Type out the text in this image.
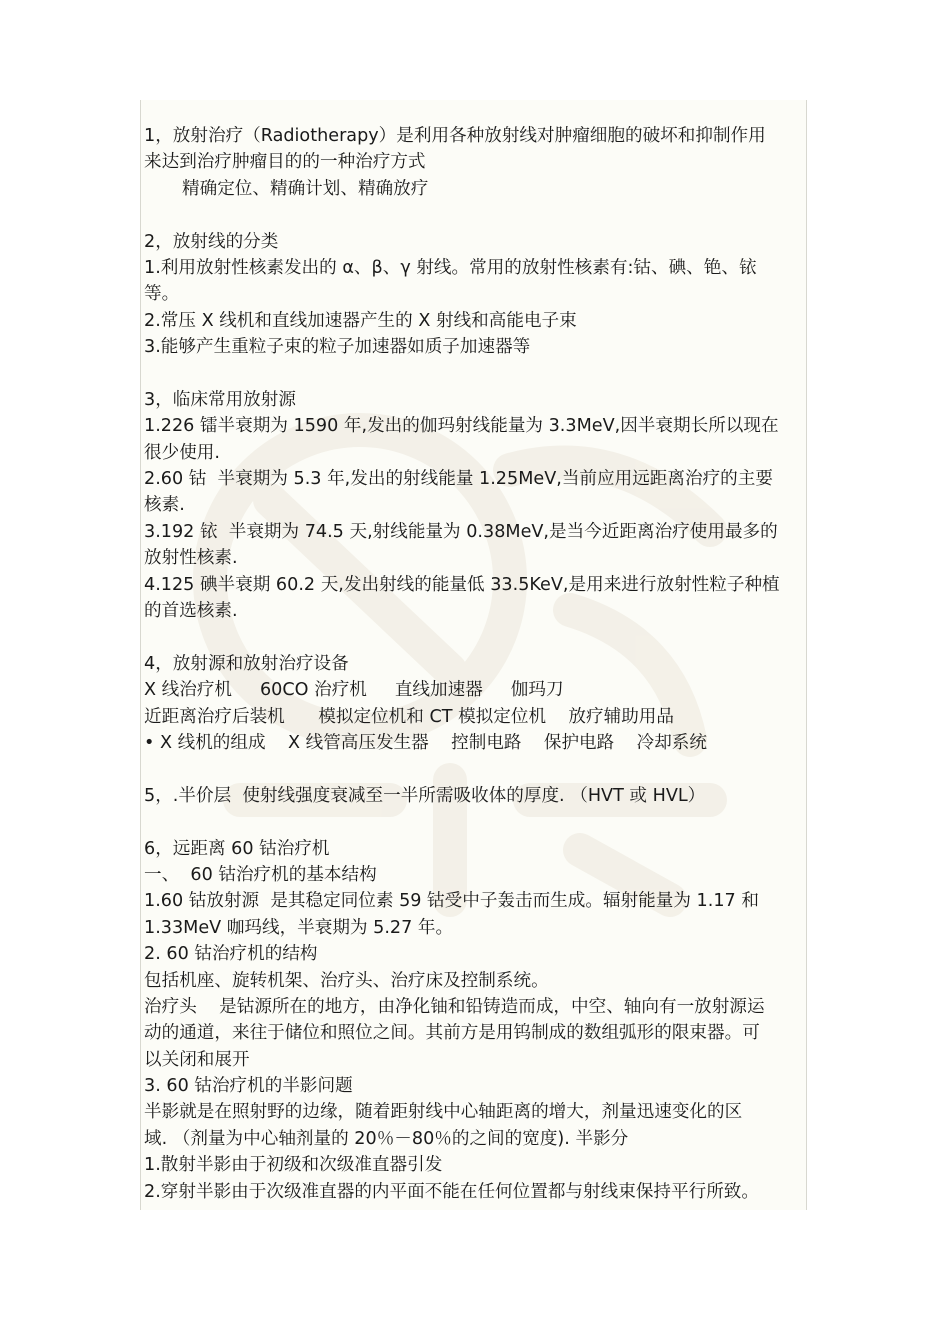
1，放射治疗（Radiotherapy）是利用各种放射线对肿瘤细胞的破坏和抑制作用
来达到治疗肿瘤目的的一种治疗方式
精确定位、精确计划、精确放疗
2，放射线的分类
1.利用放射性核素发出的 α、β、γ 射线。常用的放射性核素有:钴、碘、铯、铱
等。
2.常压 X 线机和直线加速器产生的 X 射线和高能电子束
3.能够产生重粒子束的粒子加速器如质子加速器等
3，临床常用放射源
1.226 镭半衰期为 1590 年,发出的伽玛射线能量为 3.3MeV,因半衰期长所以现在
很少使用.
2.60 钴  半衰期为 5.3 年,发出的射线能量 1.25MeV,当前应用远距离治疗的主要
核素.
3.192 铱  半衰期为 74.5 天,射线能量为 0.38MeV,是当今近距离治疗使用最多的
放射性核素.
4.125 碘半衰期 60.2 天,发出射线的能量低 33.5KeV,是用来进行放射性粒子种植
的首选核素.
4，放射源和放射治疗设备
X 线治疗机     60CO 治疗机     直线加速器     伽玛刀
近距离治疗后装机      模拟定位机和 CT 模拟定位机    放疗辅助用品
• X 线机的组成    X 线管高压发生器    控制电路    保护电路    冷却系统
5，.半价层  使射线强度衰减至一半所需吸收体的厚度. （HVT 或 HVL）
6，远距离 60 钴治疗机
一、  60 钴治疗机的基本结构
1.60 钴放射源  是其稳定同位素 59 钴受中子轰击而生成。辐射能量为 1.17 和
1.33MeV 咖玛线，半衰期为 5.27 年。
2. 60 钴治疗机的结构
包括机座、旋转机架、治疗头、治疗床及控制系统。
治疗头    是钴源所在的地方，由净化铀和铅铸造而成，中空、轴向有一放射源运
动的通道，来往于储位和照位之间。其前方是用钨制成的数组弧形的限束器。可
以关闭和展开
3. 60 钴治疗机的半影问题
半影就是在照射野的边缘，随着距射线中心轴距离的增大，剂量迅速变化的区
域. （剂量为中心轴剂量的 20％－80％的之间的宽度). 半影分
1.散射半影由于初级和次级准直器引发
2.穿射半影由于次级准直器的内平面不能在任何位置都与射线束保持平行所致。
